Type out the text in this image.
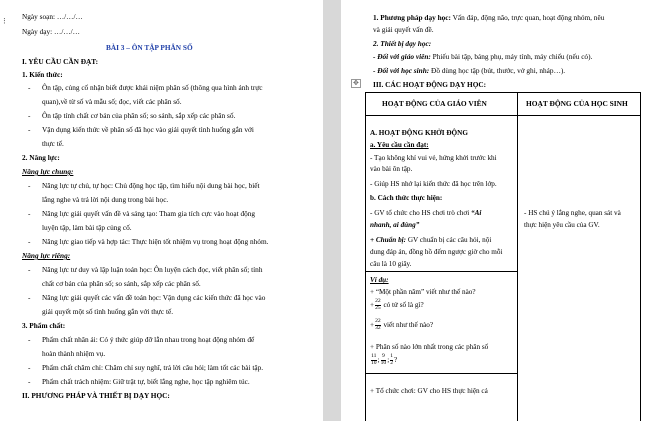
⁝
Ngày soạn: …/…/…
Ngày dạy: …/…/…
BÀI 3 – ÔN TẬP PHÂN SỐ
I. YÊU CẦU CẦN ĐẠT:
1. Kiến thức:
- Ôn tập, củng cố nhận biết được khái niệm phân số (thông qua hình ảnh trực
quan),về từ số và mẫu số; đọc, viết các phân số.
- Ôn tập tính chất cơ bản của phân số; so sánh, sắp xếp các phân số.
- Vận dụng kiến thức về phân số đã học vào giải quyết tình huống gắn với
thực tế.
2. Năng lực:
Năng lực chung:
- Năng lực tự chủ, tự học: Chủ động học tập, tìm hiểu nội dung bài học, biết
lắng nghe và trả lời nội dung trong bài học.
- Năng lực giải quyết vấn đề và sáng tạo: Tham gia tích cực vào hoạt động
luyện tập, làm bài tập củng cố.
- Năng lực giao tiếp và hợp tác: Thực hiện tốt nhiệm vụ trong hoạt động nhóm.
Năng lực riêng:
- Năng lực tư duy và lập luận toán học: Ôn luyện cách đọc, viết phân số; tính
chất cơ bản của phân số; so sánh, sắp xếp các phân số.
- Năng lực giải quyết các vấn đề toán học: Vận dụng các kiến thức đã học vào
giải quyết một số tình huống gắn với thực tế.
3. Phẩm chất:
- Phẩm chất nhân ái: Có ý thức giúp đỡ lẫn nhau trong hoạt động nhóm để
hoàn thành nhiệm vụ.
- Phẩm chất chăm chỉ: Chăm chỉ suy nghĩ, trả lời câu hỏi; làm tốt các bài tập.
- Phẩm chất trách nhiệm: Giữ trật tự, biết lắng nghe, học tập nghiêm túc.
II. PHƯƠNG PHÁP VÀ THIẾT BỊ DẠY HỌC:
1. Phương pháp dạy học: Vấn đáp, động não, trực quan, hoạt động nhóm, nêu
và giải quyết vấn đề.
2. Thiết bị dạy học:
- Đối với giáo viên: Phiếu bài tập, bảng phụ, máy tính, máy chiếu (nếu có).
- Đối với học sinh: Đồ dùng học tập (bút, thước, vở ghi, nháp…).
✥ III. CÁC HOẠT ĐỘNG DẠY HỌC:
HOẠT ĐỘNG CỦA GIÁO VIÊN	HOẠT ĐỘNG CỦA HỌC SINH
A. HOẠT ĐỘNG KHỞI ĐỘNG
a. Yêu cầu cần đạt:
- Tạo không khí vui vẻ, hứng khởi trước khi
vào bài ôn tập.
- Giúp HS nhớ lại kiến thức đã học trên lớp.
b. Cách thức thực hiện:
- GV tổ chức cho HS chơi trò chơi “Ai
nhanh, ai đúng”
+ Chuẩn bị: GV chuẩn bị các câu hỏi, nội
dung đáp án, đồng hồ đếm ngược giờ cho mỗi
câu là 10 giây.
Ví dụ:
+ “Một phần năm” viết như thế nào?
+ $\frac{22}{25}$ có tử số là gì?
+ $\frac{22}{32}$ viết như thế nào?
+ Phân số nào lớn nhất trong các phân số
$\frac{11}{10}$ ; $\frac{9}{10}$ ; $\frac{1}{2}$ ?
+ Tổ chức chơi: GV cho HS thực hiện cả
- HS chú ý lắng nghe, quan sát và
thực hiện yêu cầu của GV.
